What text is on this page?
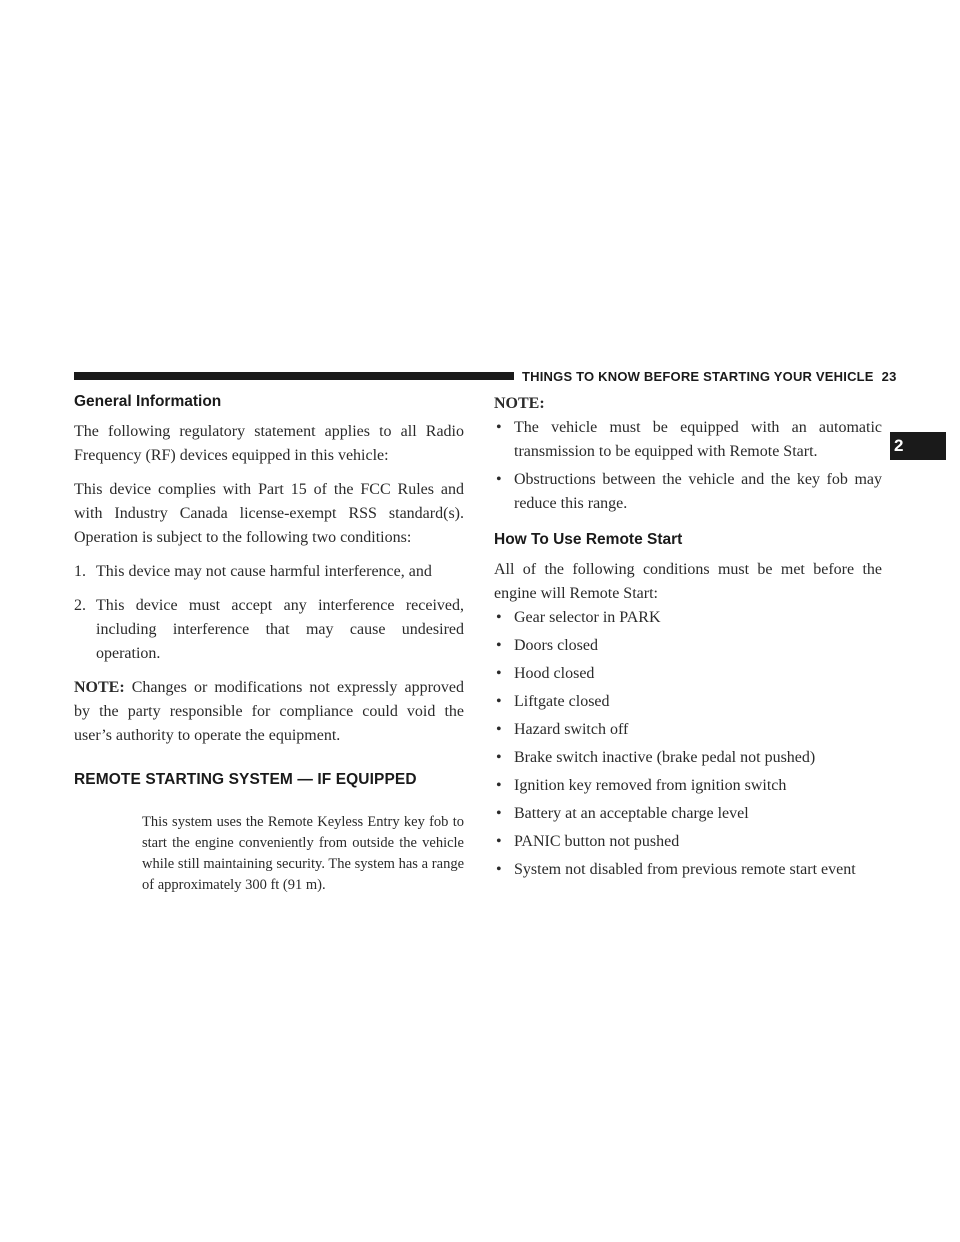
THINGS TO KNOW BEFORE STARTING YOUR VEHICLE 23
2
General Information

The following regulatory statement applies to all Radio Frequency (RF) devices equipped in this vehicle:

This device complies with Part 15 of the FCC Rules and with Industry Canada license-exempt RSS standard(s). Operation is subject to the following two conditions:

1. This device may not cause harmful interference, and
2. This device must accept any interference received, including interference that may cause undesired operation.

NOTE: Changes or modifications not expressly approved by the party responsible for compliance could void the user’s authority to operate the equipment.

REMOTE STARTING SYSTEM — IF EQUIPPED

This system uses the Remote Keyless Entry key fob to start the engine conveniently from outside the vehicle while still maintaining security. The system has a range of approximately 300 ft (91 m).

NOTE:
• The vehicle must be equipped with an automatic transmission to be equipped with Remote Start.
• Obstructions between the vehicle and the key fob may reduce this range.
How To Use Remote Start

All of the following conditions must be met before the engine will Remote Start:

• Gear selector in PARK
• Doors closed
• Hood closed
• Liftgate closed
• Hazard switch off
• Brake switch inactive (brake pedal not pushed)
• Ignition key removed from ignition switch
• Battery at an acceptable charge level
• PANIC button not pushed
• System not disabled from previous remote start event
